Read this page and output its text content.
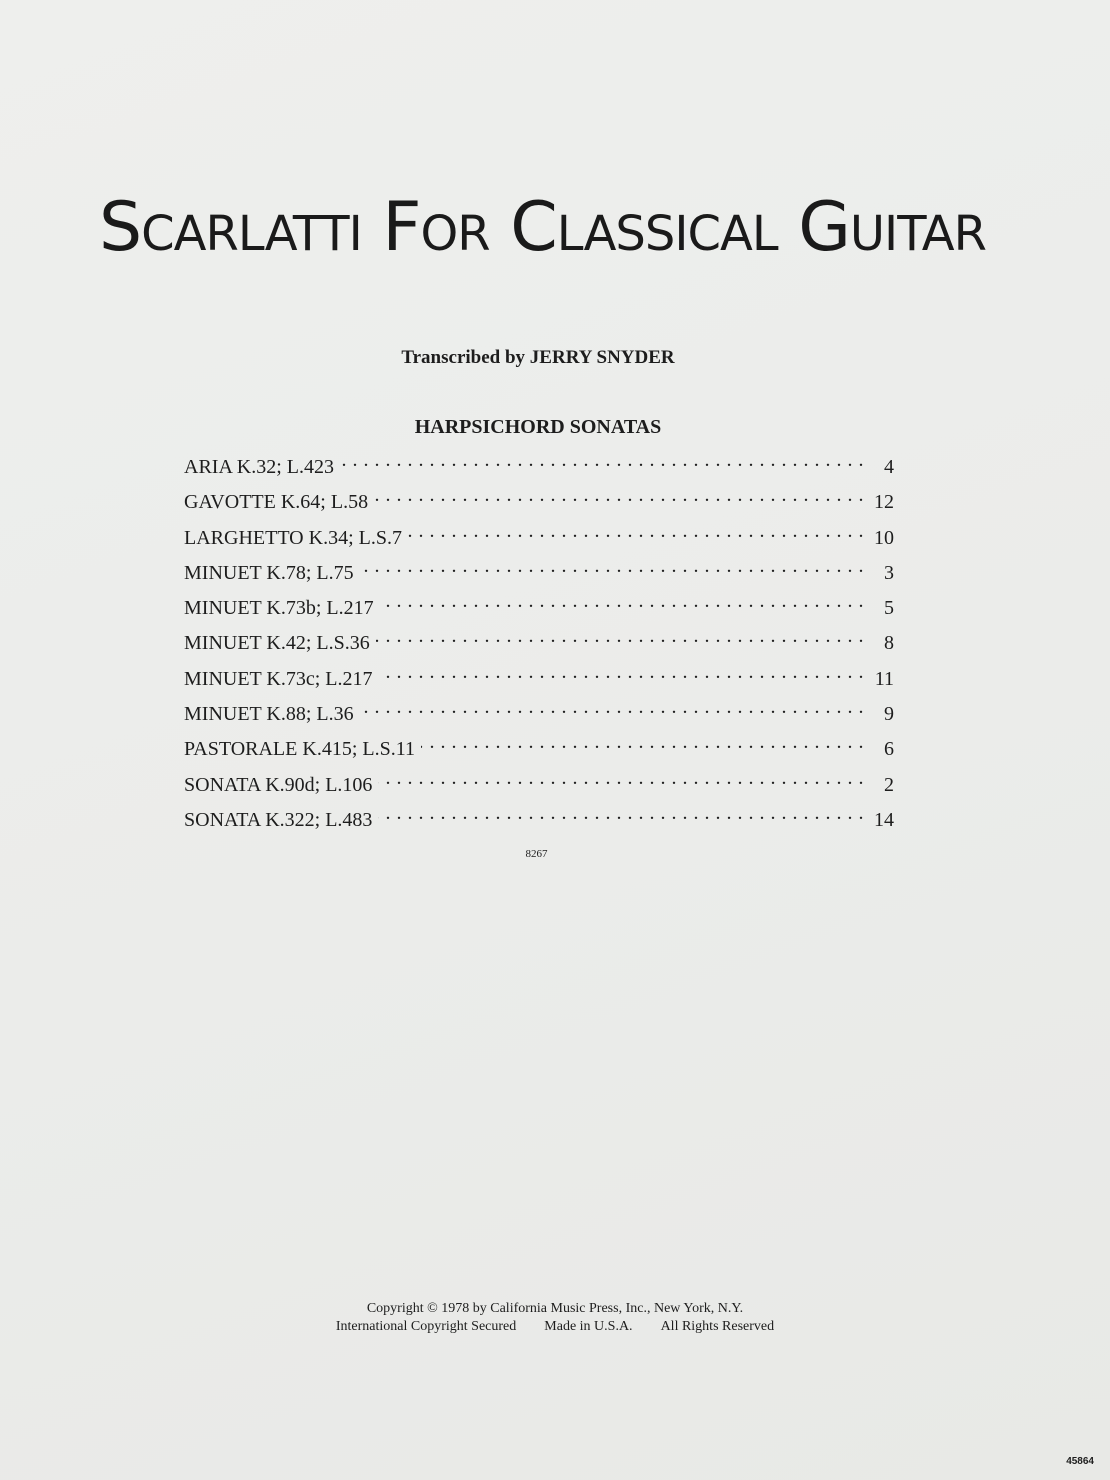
Scarlatti For Classical Guitar
Transcribed by JERRY SNYDER
HARPSICHORD SONATAS
ARIA K.32; L.423 . . .	4
GAVOTTE K.64; L.58 . . .	12
LARGHETTO K.34; L.S.7 . . .	10
MINUET K.78; L.75 . . .	3
MINUET K.73b; L.217 . . .	5
MINUET K.42; L.S.36 . . .	8
MINUET K.73c; L.217 . . .	11
MINUET K.88; L.36 . . .	9
PASTORALE K.415; L.S.11 . . .	6
SONATA K.90d; L.106 . . .	2
SONATA K.322; L.483 . . .	14
8267
Copyright © 1978 by California Music Press, Inc., New York, N.Y.
International Copyright Secured Made in U.S.A. All Rights Reserved
45864
